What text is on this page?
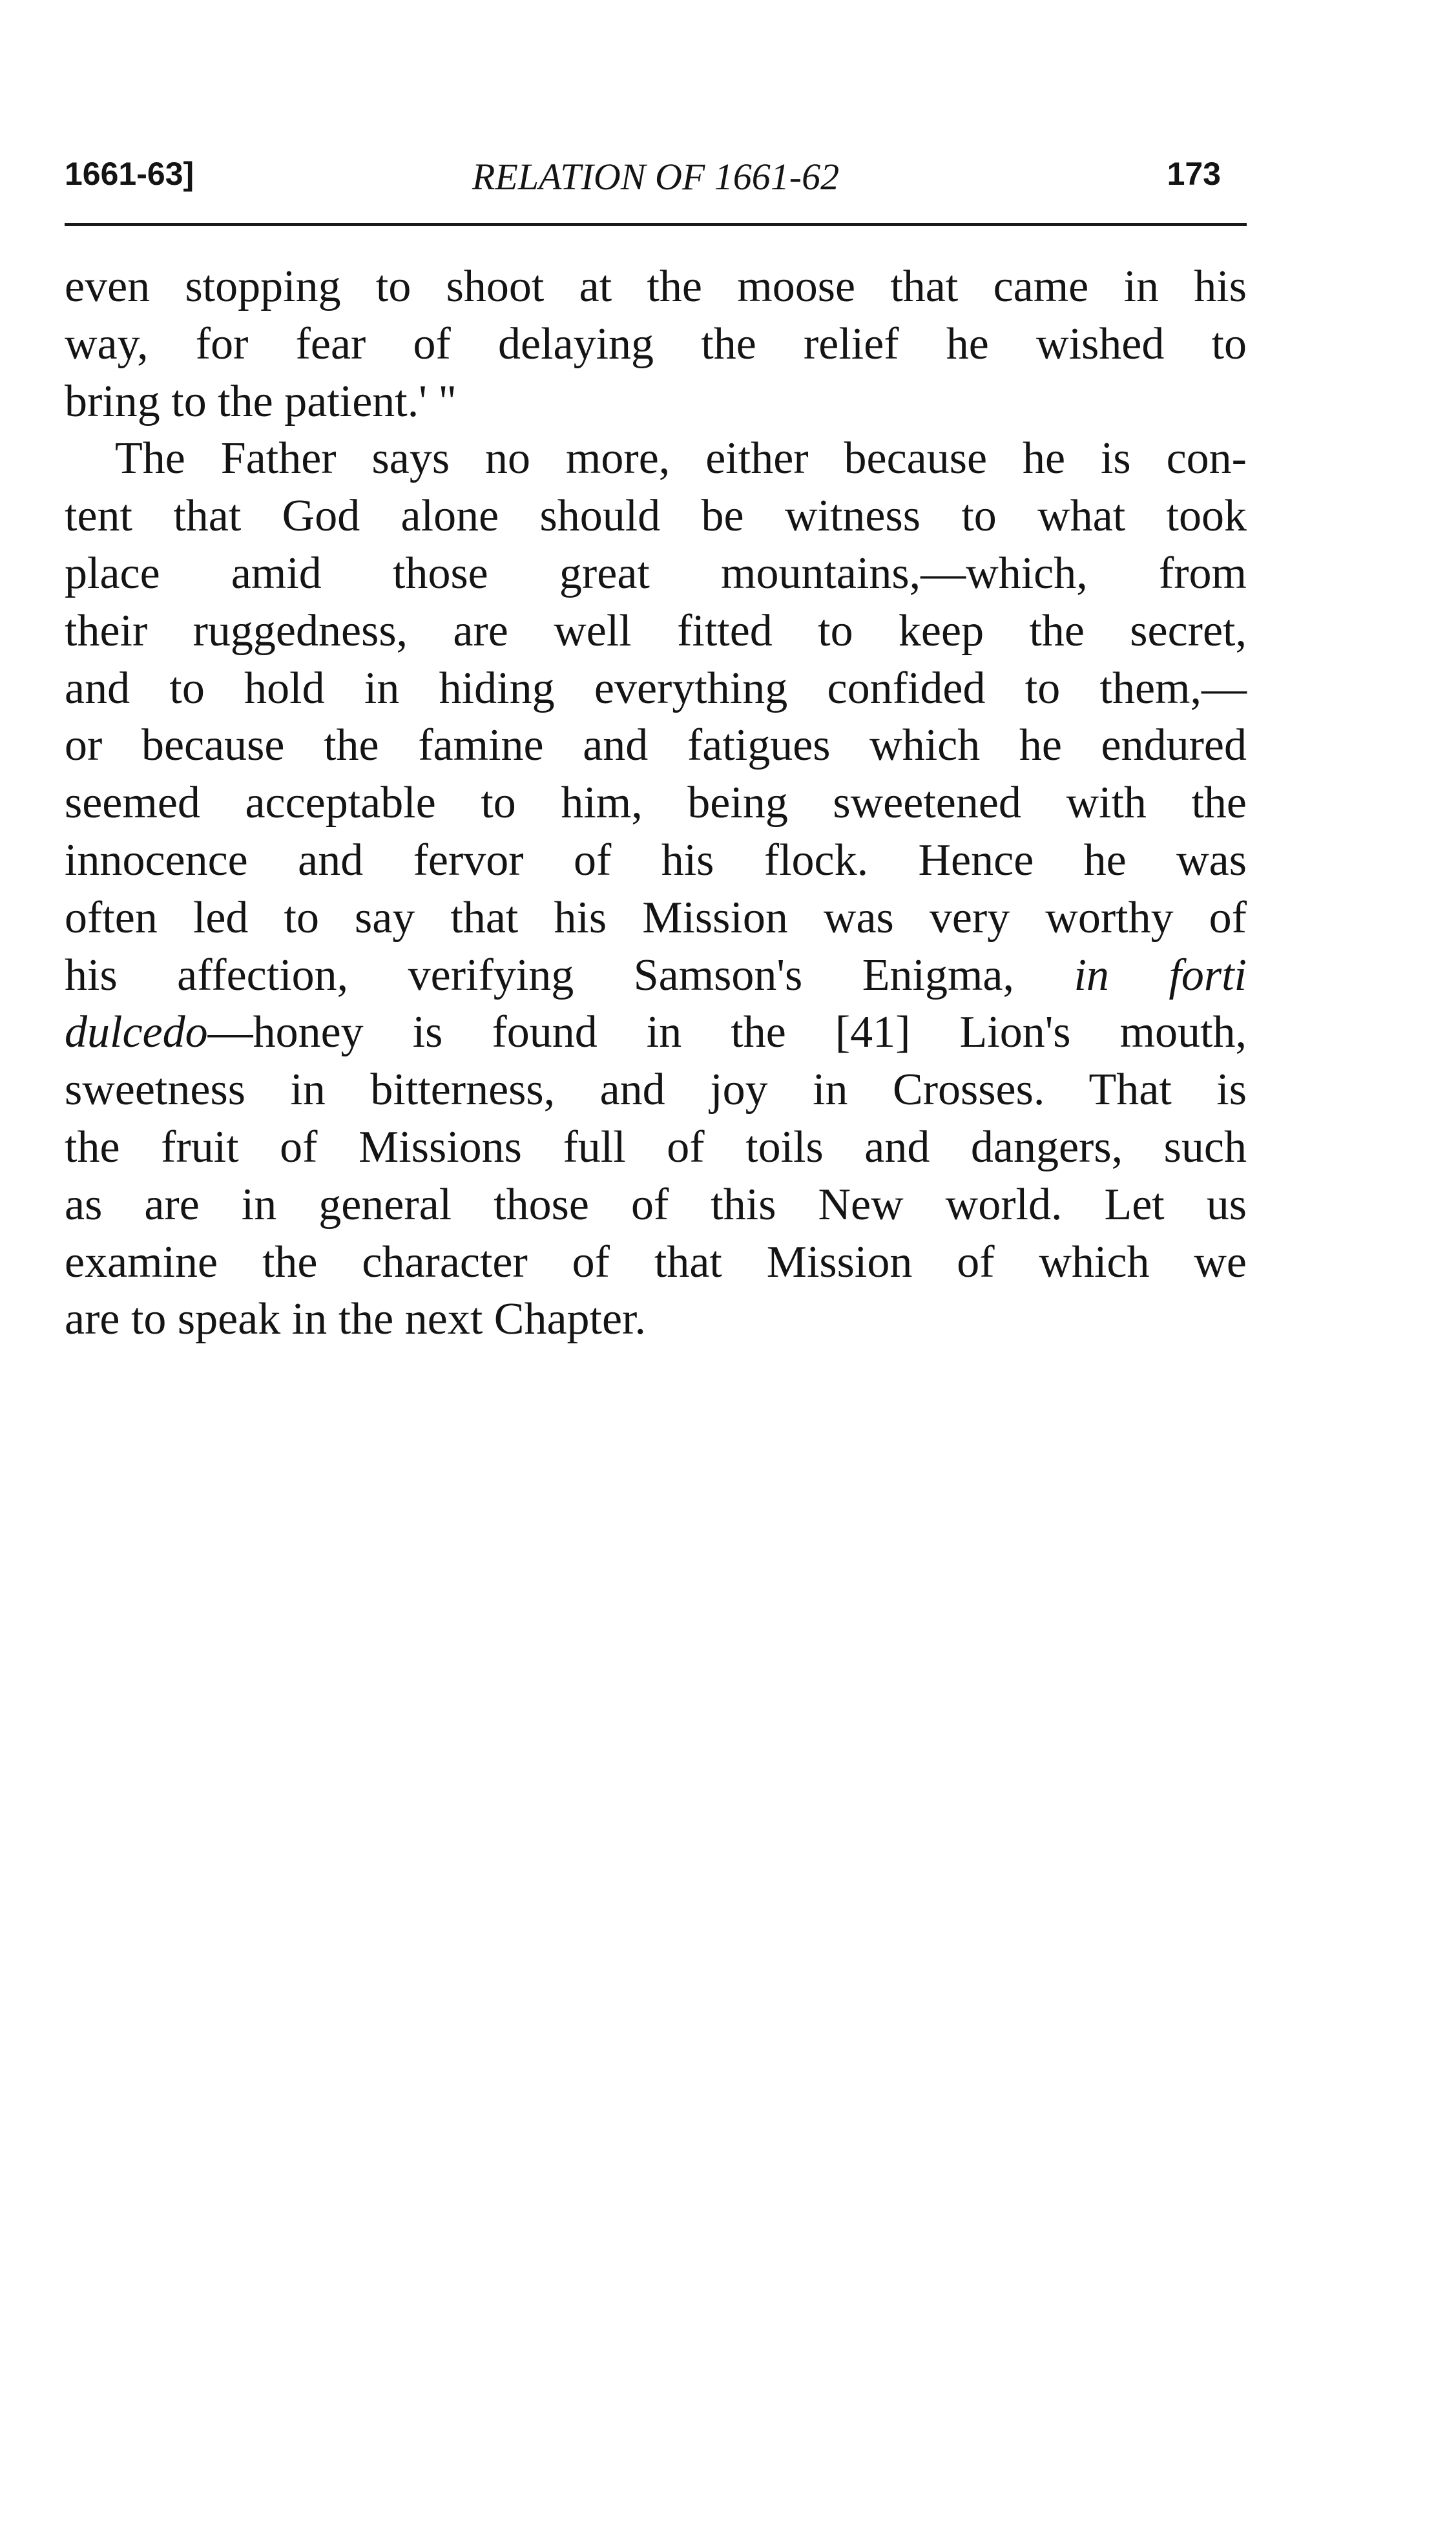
1661-63]	RELATION OF 1661-62	173
even stopping to shoot at the moose that came in his
way, for fear of delaying the relief he wished to
bring to the patient.' "
The Father says no more, either because he is con-
tent that God alone should be witness to what took
place amid those great mountains,—which, from
their ruggedness, are well fitted to keep the secret,
and to hold in hiding everything confided to them,—
or because the famine and fatigues which he endured
seemed acceptable to him, being sweetened with the
innocence and fervor of his flock. Hence he was
often led to say that his Mission was very worthy of
his affection, verifying Samson's Enigma, in forti
dulcedo—honey is found in the [41] Lion's mouth,
sweetness in bitterness, and joy in Crosses. That is
the fruit of Missions full of toils and dangers, such
as are in general those of this New world. Let us
examine the character of that Mission of which we
are to speak in the next Chapter.
